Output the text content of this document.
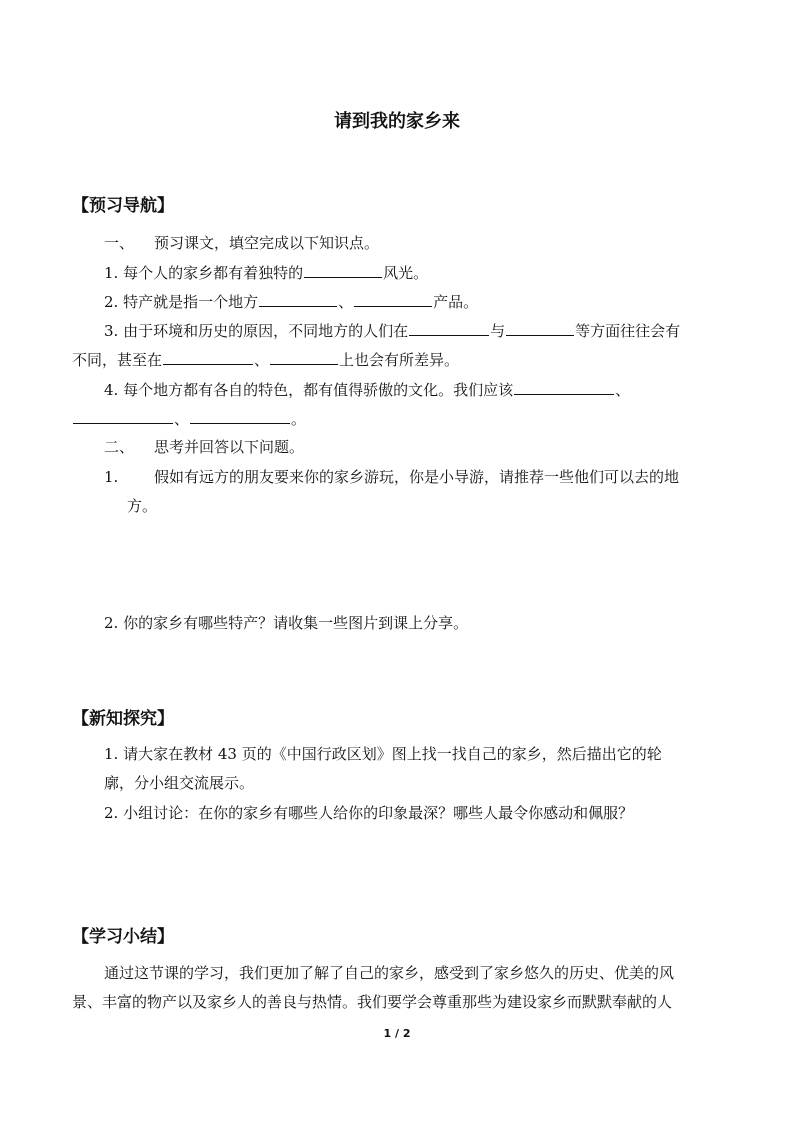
请到我的家乡来
【预习导航】
一、 预习课文，填空完成以下知识点。
1. 每个人的家乡都有着独特的	风光。
2. 特产就是指一个地方	、	产品。
3. 由于环境和历史的原因，不同地方的人们在	与	等方面往往会有
不同，甚至在	、	上也会有所差异。
4. 每个地方都有各自的特色，都有值得骄傲的文化。我们应该	、
、	。
二、 思考并回答以下问题。
1. 假如有远方的朋友要来你的家乡游玩，你是小导游，请推荐一些他们可以去的地
方。
2. 你的家乡有哪些特产？请收集一些图片到课上分享。
【新知探究】
1. 请大家在教材 43 页的《中国行政区划》图上找一找自己的家乡，然后描出它的轮
廓，分小组交流展示。
2. 小组讨论：在你的家乡有哪些人给你的印象最深？哪些人最令你感动和佩服？
【学习小结】
通过这节课的学习，我们更加了解了自己的家乡，感受到了家乡悠久的历史、优美的风
景、丰富的物产以及家乡人的善良与热情。我们要学会尊重那些为建设家乡而默默奉献的人
1 / 2
